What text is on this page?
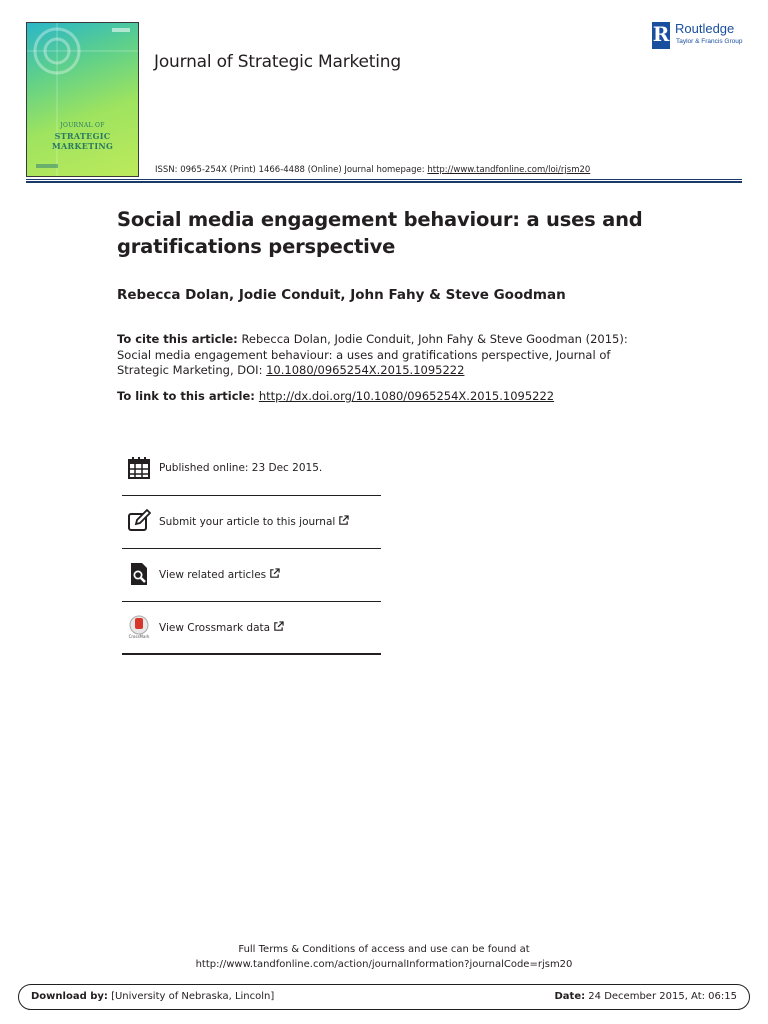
JOURNAL OF
STRATEGIC
MARKETING
Journal of Strategic Marketing
R Routledge
Taylor & Francis Group
ISSN: 0965-254X (Print) 1466-4488 (Online) Journal homepage: http://www.tandfonline.com/loi/rjsm20
Social media engagement behaviour: a uses and gratifications perspective
Rebecca Dolan, Jodie Conduit, John Fahy & Steve Goodman
To cite this article: Rebecca Dolan, Jodie Conduit, John Fahy & Steve Goodman (2015): Social media engagement behaviour: a uses and gratifications perspective, Journal of Strategic Marketing, DOI: 10.1080/0965254X.2015.1095222
To link to this article: http://dx.doi.org/10.1080/0965254X.2015.1095222
Published online: 23 Dec 2015.
Submit your article to this journal
View related articles
CrossMark
View Crossmark data
Full Terms & Conditions of access and use can be found at
http://www.tandfonline.com/action/journalInformation?journalCode=rjsm20
Download by: [University of Nebraska, Lincoln]	Date: 24 December 2015, At: 06:15
